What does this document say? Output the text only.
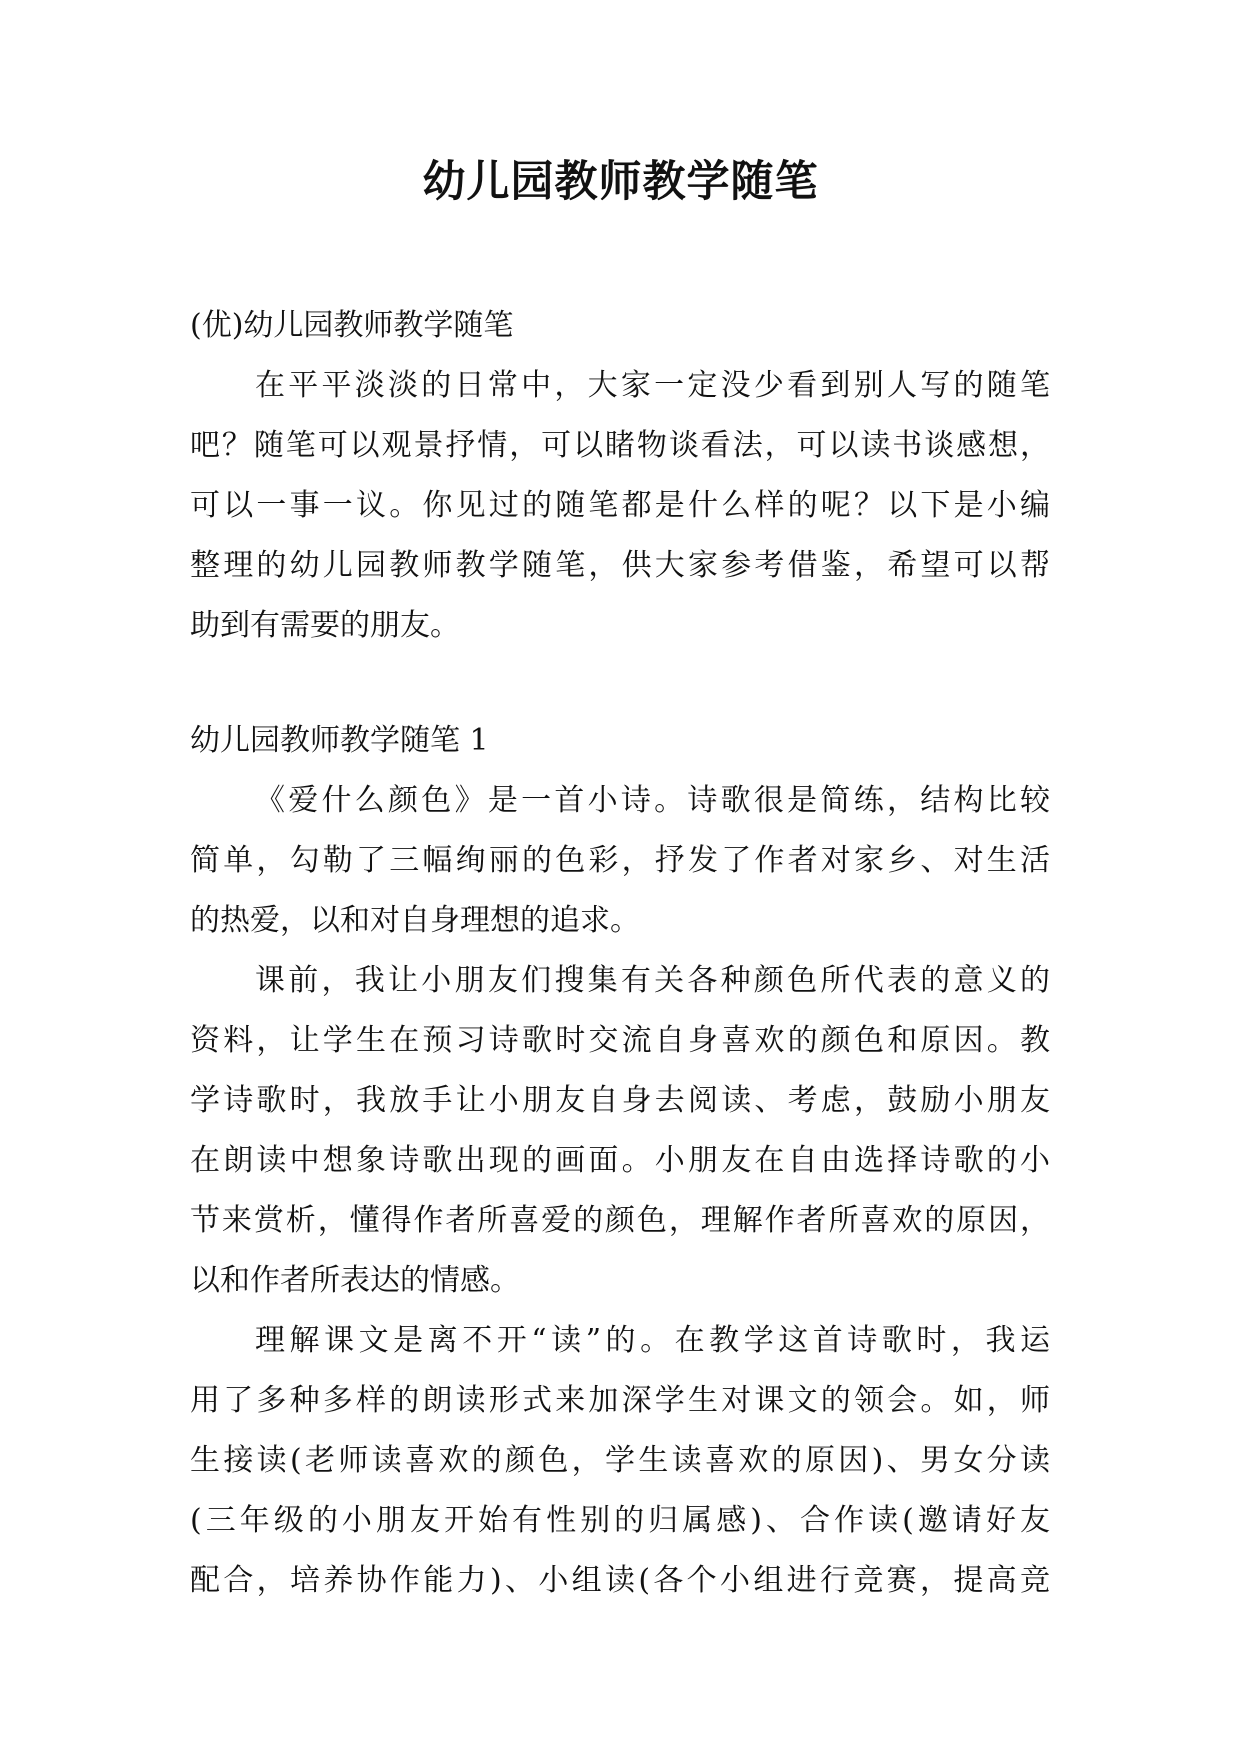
幼儿园教师教学随笔
(优)幼儿园教师教学随笔
在平平淡淡的日常中，大家一定没少看到别人写的随笔
吧？随笔可以观景抒情，可以睹物谈看法，可以读书谈感想，
可以一事一议。你见过的随笔都是什么样的呢？以下是小编
整理的幼儿园教师教学随笔，供大家参考借鉴，希望可以帮
助到有需要的朋友。
幼儿园教师教学随笔 1
《爱什么颜色》是一首小诗。诗歌很是简练，结构比较
简单，勾勒了三幅绚丽的色彩，抒发了作者对家乡、对生活
的热爱，以和对自身理想的追求。
课前，我让小朋友们搜集有关各种颜色所代表的意义的
资料，让学生在预习诗歌时交流自身喜欢的颜色和原因。教
学诗歌时，我放手让小朋友自身去阅读、考虑，鼓励小朋友
在朗读中想象诗歌出现的画面。小朋友在自由选择诗歌的小
节来赏析，懂得作者所喜爱的颜色，理解作者所喜欢的原因，
以和作者所表达的情感。
理解课文是离不开“读”的。在教学这首诗歌时，我运
用了多种多样的朗读形式来加深学生对课文的领会。如，师
生接读(老师读喜欢的颜色，学生读喜欢的原因)、男女分读
(三年级的小朋友开始有性别的归属感)、合作读(邀请好友
配合，培养协作能力)、小组读(各个小组进行竞赛，提高竞
